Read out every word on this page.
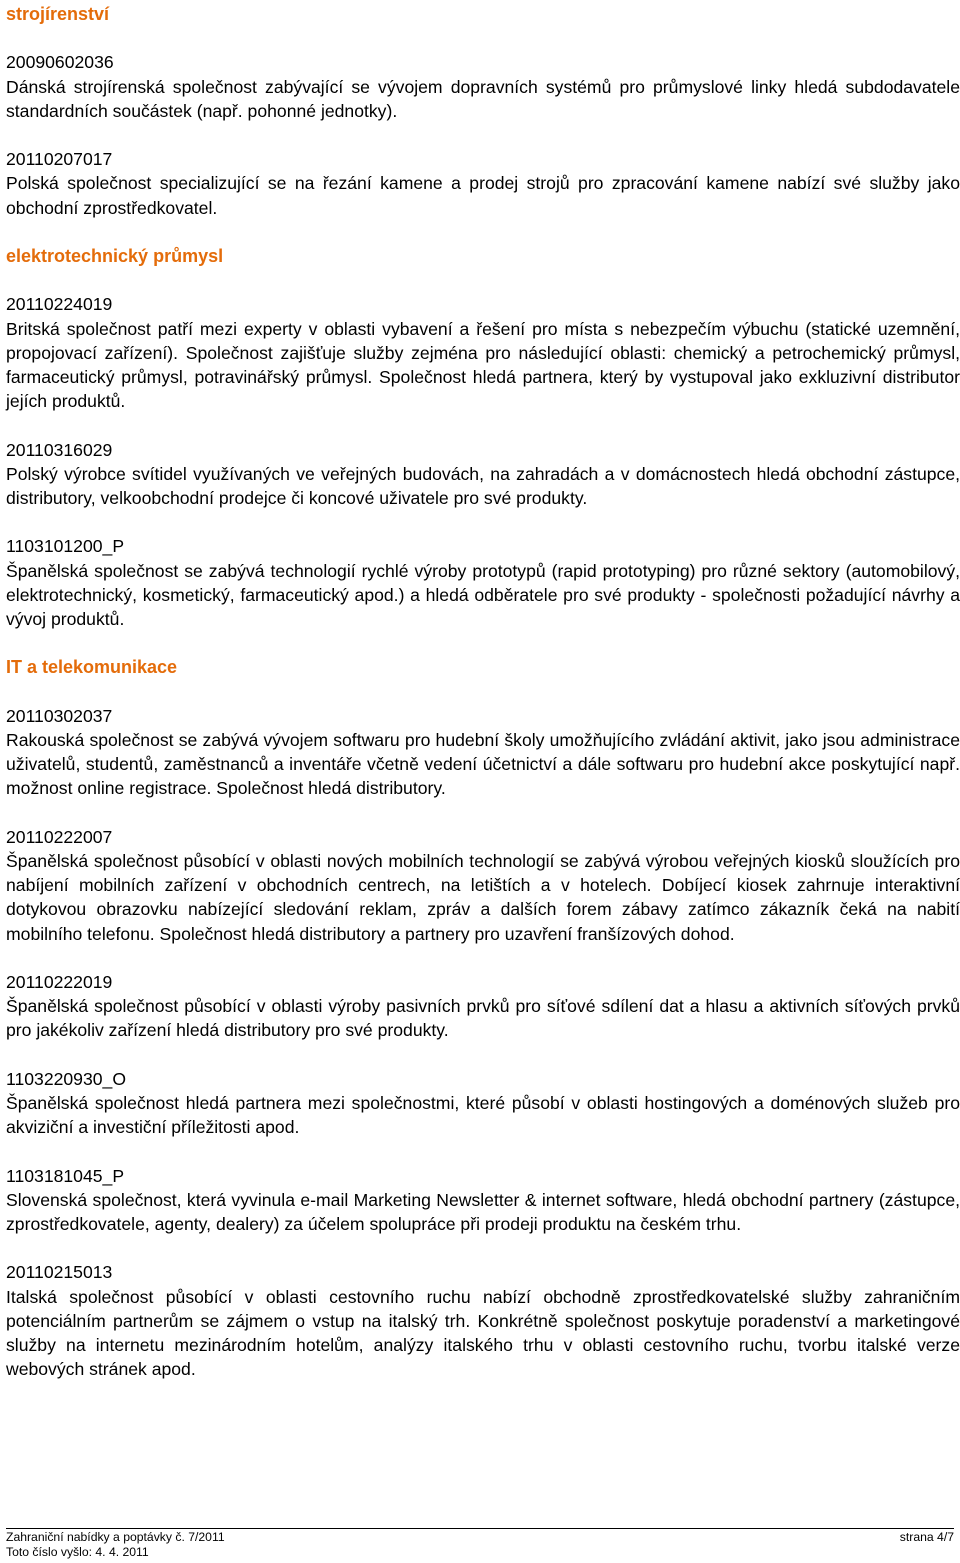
strojírenství
20090602036
Dánská strojírenská společnost zabývající se vývojem dopravních systémů pro průmyslové linky hledá subdodavatele standardních součástek (např. pohonné jednotky).
20110207017
Polská společnost specializující se na řezání kamene a prodej strojů pro zpracování kamene nabízí své služby jako obchodní zprostředkovatel.
elektrotechnický průmysl
20110224019
Britská společnost patří mezi experty v oblasti vybavení a řešení pro místa s nebezpečím výbuchu (statické uzemnění, propojovací zařízení). Společnost zajišťuje služby zejména pro následující oblasti: chemický a petrochemický průmysl, farmaceutický průmysl, potravinářský průmysl. Společnost hledá partnera, který by vystupoval jako exkluzivní distributor jejích produktů.
20110316029
Polský výrobce svítidel využívaných ve veřejných budovách, na zahradách a v domácnostech hledá obchodní zástupce, distributory, velkoobchodní prodejce či koncové uživatele pro své produkty.
1103101200_P
Španělská společnost se zabývá technologií rychlé výroby prototypů (rapid prototyping) pro různé sektory (automobilový, elektrotechnický, kosmetický, farmaceutický apod.) a hledá odběratele pro své produkty - společnosti požadující návrhy a vývoj produktů.
IT a telekomunikace
20110302037
Rakouská společnost se zabývá vývojem softwaru pro hudební školy umožňujícího zvládání aktivit, jako jsou administrace uživatelů, studentů, zaměstnanců a inventáře včetně vedení účetnictví a dále softwaru pro hudební akce poskytující např. možnost online registrace. Společnost hledá distributory.
20110222007
Španělská společnost působící v oblasti nových mobilních technologií se zabývá výrobou veřejných kiosků sloužících pro nabíjení mobilních zařízení v obchodních centrech, na letištích a v hotelech. Dobíjecí kiosek zahrnuje interaktivní dotykovou obrazovku nabízející sledování reklam, zpráv a dalších forem zábavy zatímco zákazník čeká na nabití mobilního telefonu. Společnost hledá distributory a partnery pro uzavření franšízových dohod.
20110222019
Španělská společnost působící v oblasti výroby pasivních prvků pro síťové sdílení dat a hlasu a aktivních síťových prvků pro jakékoliv zařízení hledá distributory pro své produkty.
1103220930_O
Španělská společnost hledá partnera mezi společnostmi, které působí v oblasti hostingových a doménových služeb pro akviziční a investiční příležitosti apod.
1103181045_P
Slovenská společnost, která vyvinula e-mail Marketing Newsletter & internet software, hledá obchodní partnery (zástupce, zprostředkovatele, agenty, dealery) za účelem spolupráce při prodeji produktu na českém trhu.
20110215013
Italská společnost působící v oblasti cestovního ruchu nabízí obchodně zprostředkovatelské služby zahraničním potenciálním partnerům se zájmem o vstup na italský trh. Konkrétně společnost poskytuje poradenství a marketingové služby na internetu mezinárodním hotelům, analýzy italského trhu v oblasti cestovního ruchu, tvorbu italské verze webových stránek apod.
Zahraniční nabídky a poptávky č. 7/2011	strana 4/7
Toto číslo vyšlo: 4. 4. 2011
